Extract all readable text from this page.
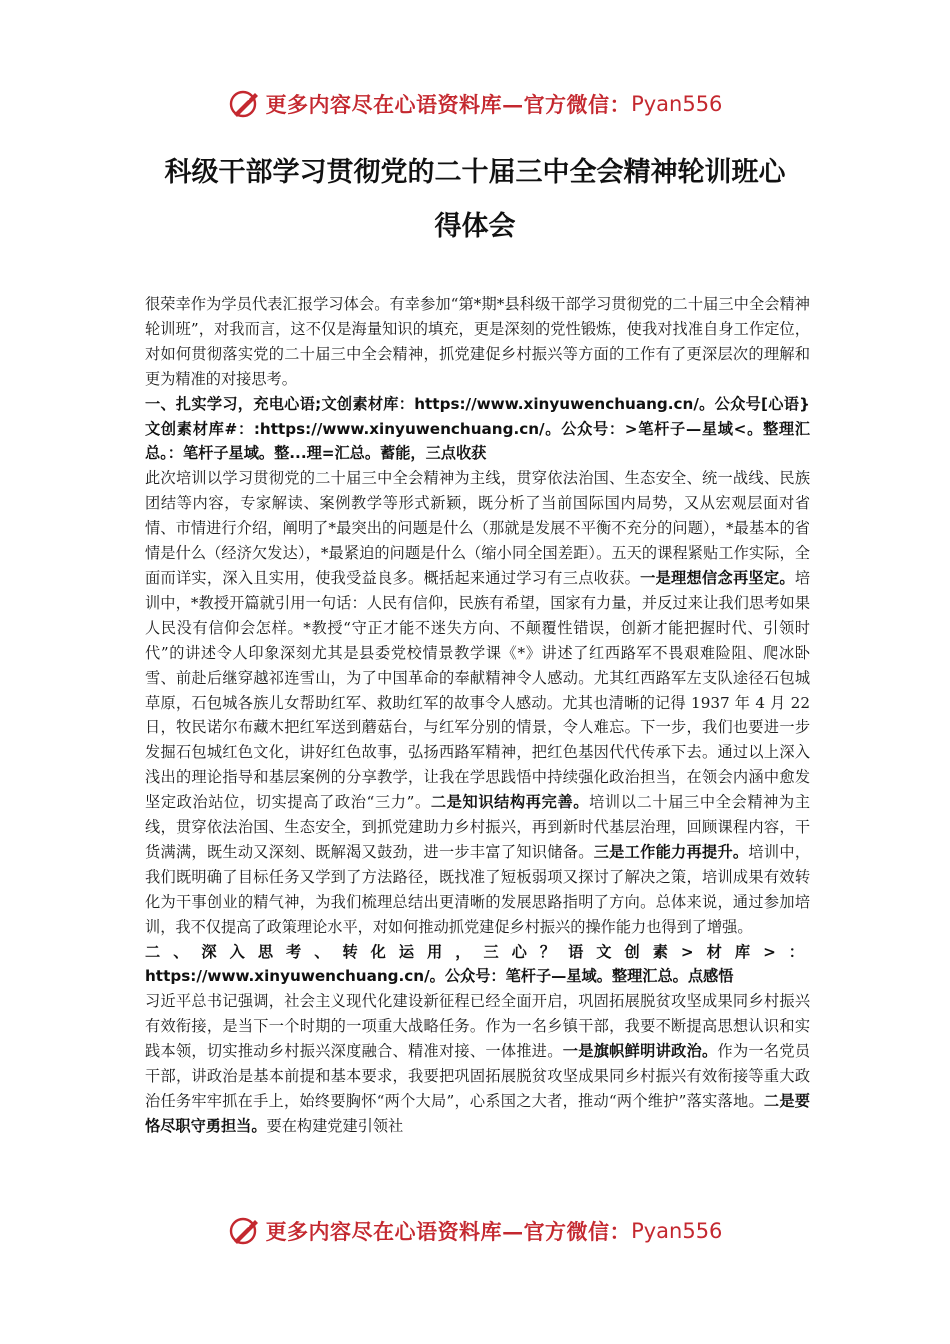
更多内容尽在心语资料库 — 官方微信： Pyan556
科级干部学习贯彻党的二十届三中全会精神轮训班心
得体会

很荣幸作为学员代表汇报学习体会。有幸参加“第*期*县科级干部学习贯彻党的二十届三中全会精神轮训班”，对我而言，这不仅是海量知识的填充，更是深刻的党性锻炼，使我对找准自身工作定位，对如何贯彻落实党的二十届三中全会精神，抓党建促乡村振兴等方面的工作有了更深层次的理解和更为精准的对接思考。

一、扎实学习，充电心语;文创素材库：https://www.xinyuwenchuang.cn/。公众号[心语}文创素材库#：:https://www.xinyuwenchuang.cn/。公众号：>笔杆子—星域<。整理汇总。：笔杆子星域。整...理=汇总。蓄能，三点收获

此次培训以学习贯彻党的二十届三中全会精神为主线，贯穿依法治国、生态安全、统一战线、民族团结等内容，专家解读、案例教学等形式新颖，既分析了当前国际国内局势，又从宏观层面对省情、市情进行介绍，阐明了*最突出的问题是什么（那就是发展不平衡不充分的问题），*最基本的省情是什么（经济欠发达），*最紧迫的问题是什么（缩小同全国差距）。五天的课程紧贴工作实际，全面而详实，深入且实用，使我受益良多。概括起来通过学习有三点收获。一是理想信念再坚定。培训中，*教授开篇就引用一句话：人民有信仰，民族有希望，国家有力量，并反过来让我们思考如果人民没有信仰会怎样。*教授“守正才能不迷失方向、不颠覆性错误，创新才能把握时代、引领时代”的讲述令人印象深刻尤其是县委党校情景教学课《*》讲述了红西路军不畏艰难险阻、爬冰卧雪、前赴后继穿越祁连雪山，为了中国革命的奉献精神令人感动。尤其红西路军左支队途径石包城草原，石包城各族儿女帮助红军、救助红军的故事令人感动。尤其也清晰的记得 1937 年 4 月 22 日，牧民诺尔布藏木把红军送到蘑菇台，与红军分别的情景，令人难忘。下一步，我们也要进一步发掘石包城红色文化，讲好红色故事，弘扬西路军精神，把红色基因代代传承下去。通过以上深入浅出的理论指导和基层案例的分享教学，让我在学思践悟中持续强化政治担当，在领会内涵中愈发坚定政治站位，切实提高了政治“三力”。二是知识结构再完善。培训以二十届三中全会精神为主线，贯穿依法治国、生态安全，到抓党建助力乡村振兴，再到新时代基层治理，回顾课程内容，干货满满，既生动又深刻、既解渴又鼓劲，进一步丰富了知识储备。三是工作能力再提升。培训中，我们既明确了目标任务又学到了方法路径，既找准了短板弱项又探讨了解决之策，培训成果有效转化为干事创业的精气神，为我们梳理总结出更清晰的发展思路指明了方向。总体来说，通过参加培训，我不仅提高了政策理论水平，对如何推动抓党建促乡村振兴的操作能力也得到了增强。

二、深入思考、转化运用，三心？语文创素>材库>：https://www.xinyuwenchuang.cn/。公众号：笔杆子—星域。整理汇总。点感悟

习近平总书记强调，社会主义现代化建设新征程已经全面开启，巩固拓展脱贫攻坚成果同乡村振兴有效衔接，是当下一个时期的一项重大战略任务。作为一名乡镇干部，我要不断提高思想认识和实践本领，切实推动乡村振兴深度融合、精准对接、一体推进。一是旗帜鲜明讲政治。作为一名党员干部，讲政治是基本前提和基本要求，我要把巩固拓展脱贫攻坚成果同乡村振兴有效衔接等重大政治任务牢牢抓在手上，始终要胸怀“两个大局”，心系国之大者，推动“两个维护”落实落地。二是要恪尽职守勇担当。要在构建党建引领社

更多内容尽在心语资料库 — 官方微信： Pyan556
